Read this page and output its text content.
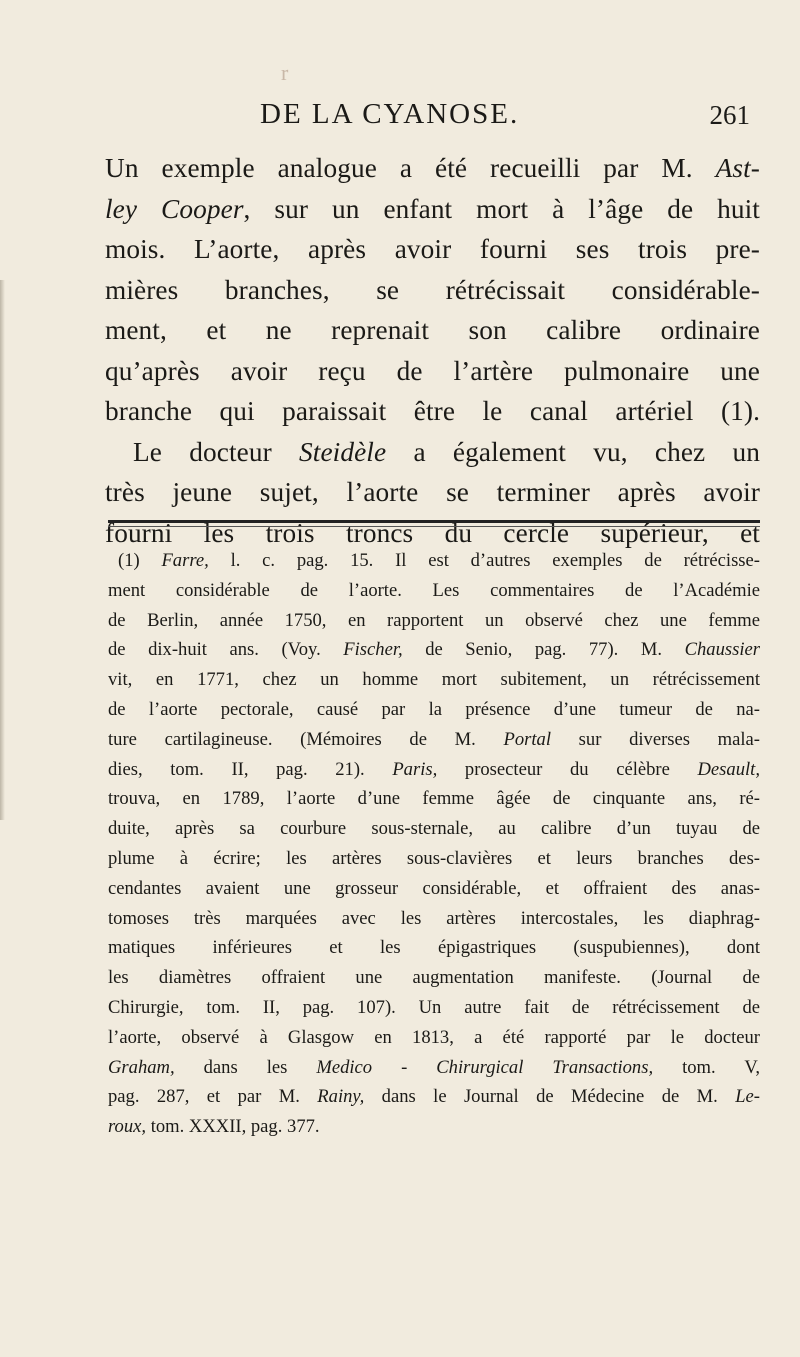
r
DE LA CYANOSE.	261
Un exemple analogue a été recueilli par M. Ast-
ley Cooper, sur un enfant mort à l’âge de huit
mois. L’aorte, après avoir fourni ses trois pre-
mières branches, se rétrécissait considérable-
ment, et ne reprenait son calibre ordinaire
qu’après avoir reçu de l’artère pulmonaire une
branche qui paraissait être le canal artériel (1).
Le docteur Steidèle a également vu, chez un
très jeune sujet, l’aorte se terminer après avoir
fourni les trois troncs du cercle supérieur, et
(1) Farre, l. c. pag. 15. Il est d’autres exemples de rétrécisse-
ment considérable de l’aorte. Les commentaires de l’Académie
de Berlin, année 1750, en rapportent un observé chez une femme
de dix-huit ans. (Voy. Fischer, de Senio, pag. 77). M. Chaussier
vit, en 1771, chez un homme mort subitement, un rétrécissement
de l’aorte pectorale, causé par la présence d’une tumeur de na-
ture cartilagineuse. (Mémoires de M. Portal sur diverses mala-
dies, tom. II, pag. 21). Paris, prosecteur du célèbre Desault,
trouva, en 1789, l’aorte d’une femme âgée de cinquante ans, ré-
duite, après sa courbure sous-sternale, au calibre d’un tuyau de
plume à écrire; les artères sous-clavières et leurs branches des-
cendantes avaient une grosseur considérable, et offraient des anas-
tomoses très marquées avec les artères intercostales, les diaphrag-
matiques inférieures et les épigastriques (suspubiennes), dont
les diamètres offraient une augmentation manifeste. (Journal de
Chirurgie, tom. II, pag. 107). Un autre fait de rétrécissement de
l’aorte, observé à Glasgow en 1813, a été rapporté par le docteur
Graham, dans les Medico - Chirurgical Transactions, tom. V,
pag. 287, et par M. Rainy, dans le Journal de Médecine de M. Le-
roux, tom. XXXII, pag. 377.
